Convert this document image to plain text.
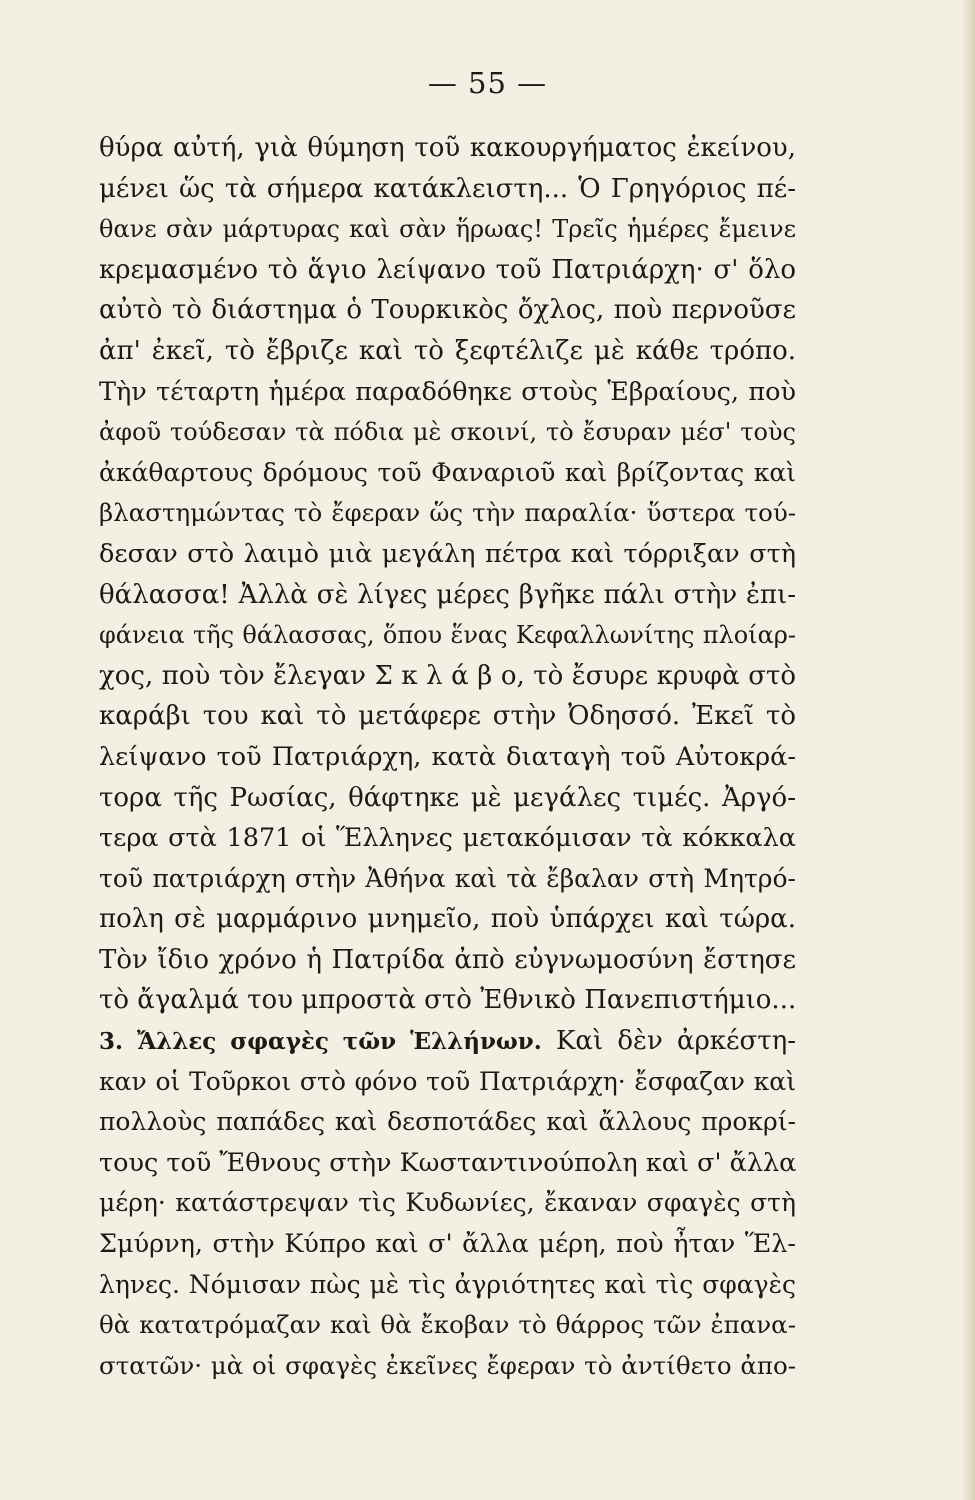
— 55 —
θύρα αὐτή, γιὰ θύμηση τοῦ κακουργήματος ἐκείνου,
μένει ὥς τὰ σήμερα κατάκλειστη... Ὁ Γρηγόριος πέ-
θανε σὰν μάρτυρας καὶ σὰν ἥρωας! Τρεῖς ἡμέρες ἔμεινε
κρεμασμένο τὸ ἅγιο λείψανο τοῦ Πατριάρχη· σ' ὅλο
αὐτὸ τὸ διάστημα ὁ Τουρκικὸς ὄχλος, ποὺ περνοῦσε
ἀπ' ἐκεῖ, τὸ ἔβριζε καὶ τὸ ξεφτέλιζε μὲ κάθε τρόπο.
Τὴν τέταρτη ἡμέρα παραδόθηκε στοὺς Ἑβραίους, ποὺ
ἀφοῦ τούδεσαν τὰ πόδια μὲ σκοινί, τὸ ἔσυραν μέσ' τοὺς
ἀκάθαρτους δρόμους τοῦ Φαναριοῦ καὶ βρίζοντας καὶ
βλαστημώντας τὸ ἔφεραν ὥς τὴν παραλία· ὕστερα τού-
δεσαν στὸ λαιμὸ μιὰ μεγάλη πέτρα καὶ τόρριξαν στὴ
θάλασσα! Ἀλλὰ σὲ λίγες μέρες βγῆκε πάλι στὴν ἐπι-
φάνεια τῆς θάλασσας, ὅπου ἕνας Κεφαλλωνίτης πλοίαρ-
χος, ποὺ τὸν ἔλεγαν Σ κ λ ά β ο, τὸ ἔσυρε κρυφὰ στὸ
καράβι του καὶ τὸ μετάφερε στὴν Ὀδησσό. Ἐκεῖ τὸ
λείψανο τοῦ Πατριάρχη, κατὰ διαταγὴ τοῦ Αὐτοκρά-
τορα τῆς Ρωσίας, θάφτηκε μὲ μεγάλες τιμές. Ἀργό-
τερα στὰ 1871 οἱ Ἕλληνες μετακόμισαν τὰ κόκκαλα
τοῦ πατριάρχη στὴν Ἀθήνα καὶ τὰ ἔβαλαν στὴ Μητρό-
πολη σὲ μαρμάρινο μνημεῖο, ποὺ ὑπάρχει καὶ τώρα.
Τὸν ἴδιο χρόνο ἡ Πατρίδα ἀπὸ εὐγνωμοσύνη ἔστησε
τὸ ἄγαλμά του μπροστὰ στὸ Ἐθνικὸ Πανεπιστήμιο...
3. Ἄλλες σφαγὲς τῶν Ἑλλήνων. Καὶ δὲν ἀρκέστη-
καν οἱ Τοῦρκοι στὸ φόνο τοῦ Πατριάρχη· ἔσφαζαν καὶ
πολλοὺς παπάδες καὶ δεσποτάδες καὶ ἄλλους προκρί-
τους τοῦ Ἔθνους στὴν Κωσταντινούπολη καὶ σ' ἄλλα
μέρη· κατάστρεψαν τὶς Κυδωνίες, ἔκαναν σφαγὲς στὴ
Σμύρνη, στὴν Κύπρο καὶ σ' ἄλλα μέρη, ποὺ ἦταν Ἕλ-
ληνες. Νόμισαν πὼς μὲ τὶς ἀγριότητες καὶ τὶς σφαγὲς
θὰ κατατρόμαζαν καὶ θὰ ἔκοβαν τὸ θάρρος τῶν ἐπανα-
στατῶν· μὰ οἱ σφαγὲς ἐκεῖνες ἔφεραν τὸ ἀντίθετο ἀπο-
